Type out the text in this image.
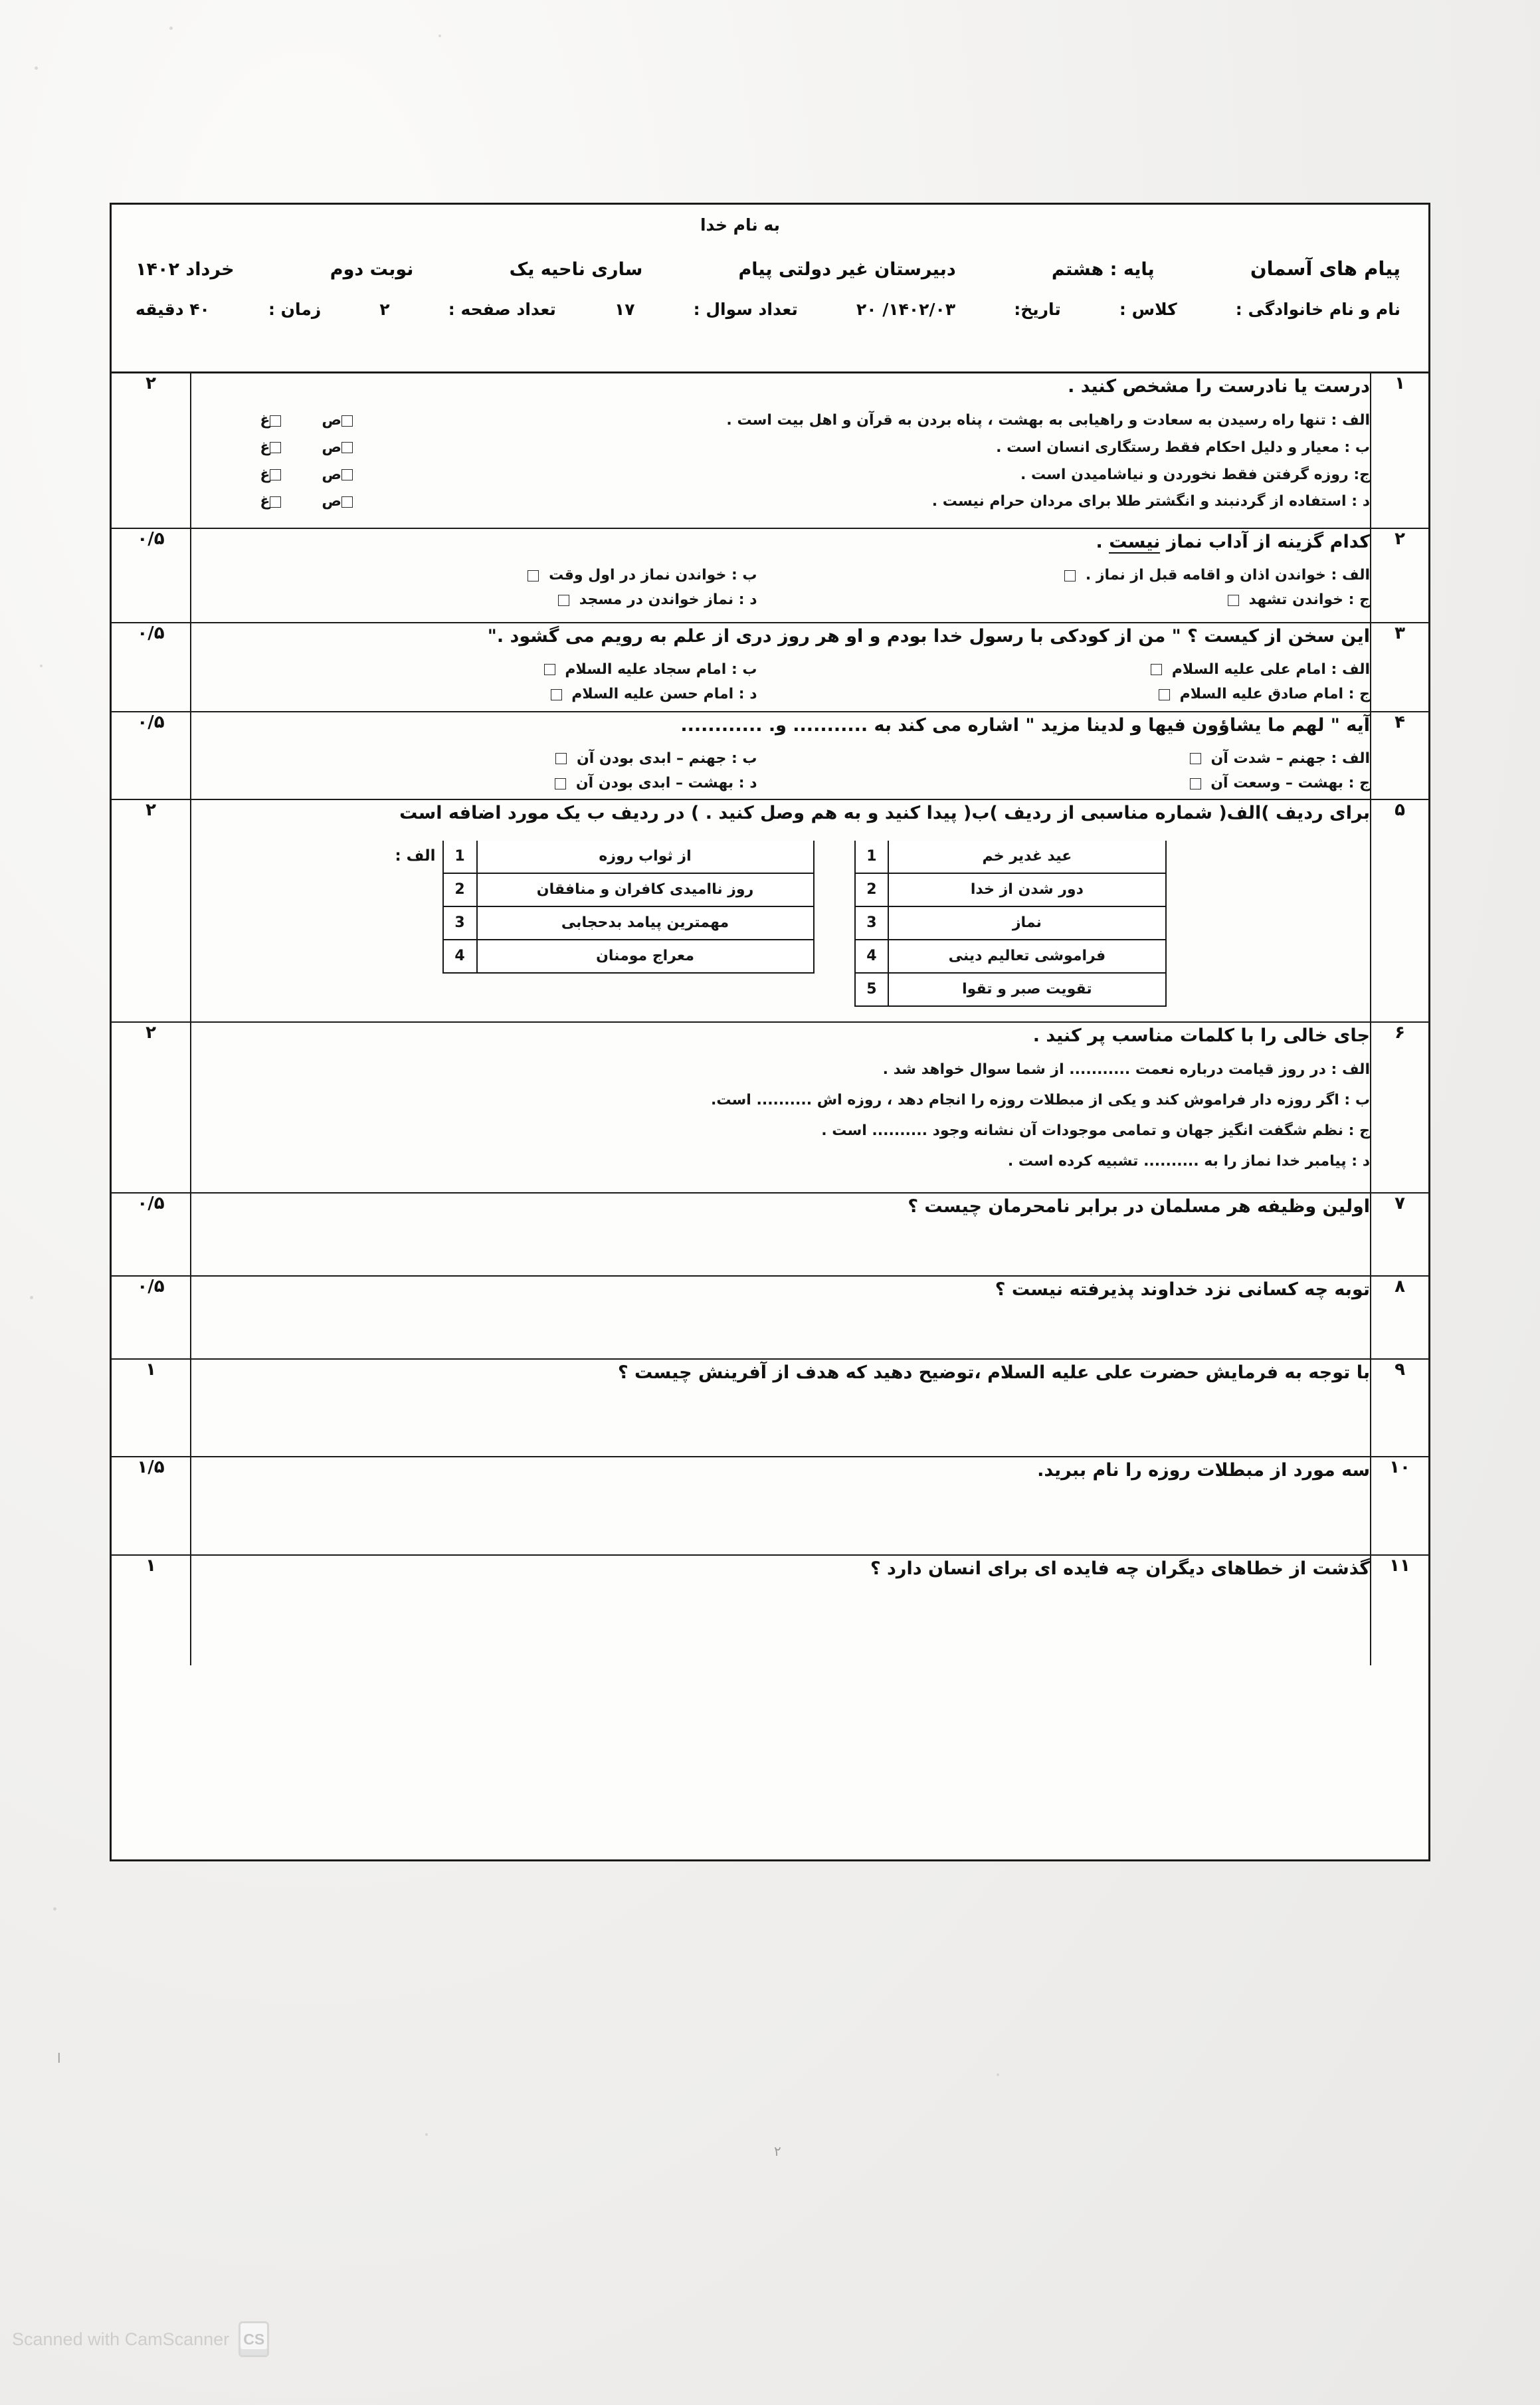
ا
۲
به نام خدا
پیام های آسمان
پایه : هشتم
دبیرستان غیر دولتی پیام
ساری ناحیه یک
نوبت دوم
خرداد ۱۴۰۲
نام و نام خانوادگی :
کلاس :
تاریخ:
۱۴۰۲/۰۳/ ۲۰
تعداد سوال :
۱۷
تعداد صفحه :
۲
زمان :
۴۰ دقیقه
۱	

درست یا نادرست را مشخص کنید .

الف : تنها راه رسیدن به سعادت و راهیابی به بهشت ، پناه بردن به قرآن و اهل بیت است .
ص
غ
ب : معیار و دلیل احکام فقط رستگاری انسان است .
ص
غ
ج: روزه گرفتن فقط نخوردن و نیاشامیدن است .
ص
غ
د : استفاده از گردنبند و انگشتر طلا برای مردان حرام نیست .
ص
غ
	۲
۲	

کدام گزینه از آداب نماز نیست .

الف : خواندن اذان و اقامه قبل از نماز .
ب : خواندن نماز در اول وقت
ج : خواندن تشهد
د : نماز خواندن در مسجد
	۰/۵
۳	

این سخن از کیست ؟ " من از کودکی با رسول خدا بودم و او هر روز دری از علم به رویم می گشود ."

الف : امام علی علیه السلام
ب : امام سجاد علیه السلام
ج : امام صادق علیه السلام
د : امام حسن علیه السلام
	۰/۵
۴	

آیه " لهم ما یشاؤون فیها و لدینا مزید " اشاره می کند به ........... و. ............

الف : جهنم – شدت آن
ب : جهنم – ابدی بودن آن
ج : بهشت – وسعت آن
د : بهشت – ابدی بودن آن
	۰/۵
۵	

برای ردیف )الف( شماره مناسبی از ردیف )ب( پیدا کنید و به هم وصل کنید . ) در ردیف ب یک مورد اضافه است

عید غدیر خم	1
دور شدن از خدا	2
نماز	3
فراموشی تعالیم دینی	4
تقویت صبر و تقوا	5
از ثواب روزه	1
روز ناامیدی کافران و منافقان	2
مهمترین پیامد بدحجابی	3
معراج مومنان	4
الف :
	۲
۶	

جای خالی را با کلمات مناسب پر کنید .

الف : در روز قیامت درباره نعمت ........... از شما سوال خواهد شد .
ب : اگر روزه دار فراموش کند و یکی از مبطلات روزه را انجام دهد ، روزه اش .......... است.
ج : نظم شگفت انگیز جهان و تمامی موجودات آن نشانه وجود .......... است .
د : پیامبر خدا نماز را به .......... تشبیه کرده است .
	۲
۷	

اولین وظیفه هر مسلمان در برابر نامحرمان چیست ؟

	۰/۵
۸	

توبه چه کسانی نزد خداوند پذیرفته نیست ؟

	۰/۵
۹	

با توجه به فرمایش حضرت علی علیه السلام ،توضیح دهید که هدف از آفرینش چیست ؟

	۱
۱۰	

سه مورد از مبطلات روزه را نام ببرید.

	۱/۵
۱۱	

گذشت از خطاهای دیگران چه فایده ای برای انسان دارد ؟

	۱
CS
Scanned with CamScanner
